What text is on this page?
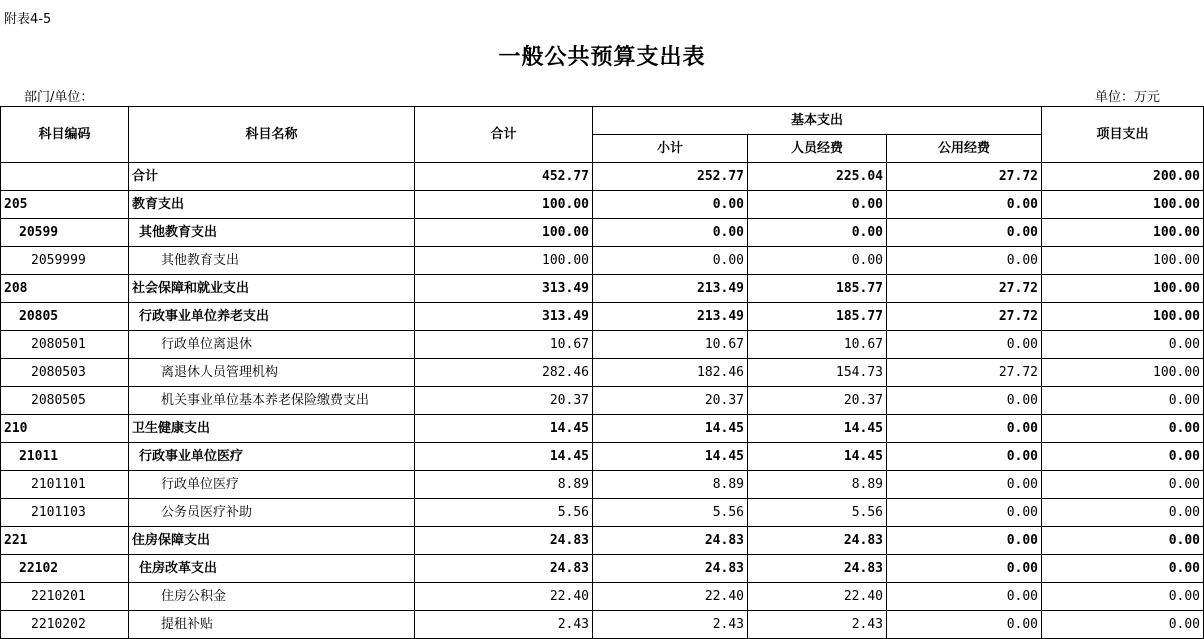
附表4-5
一般公共预算支出表
部门/单位：	单位：万元
科目编码	科目名称	合计	基本支出			项目支出
			小计	人员经费	公用经费	
	合计	452.77	252.77	225.04	27.72	200.00
205	教育支出	100.00	0.00	0.00	0.00	100.00
20599	其他教育支出	100.00	0.00	0.00	0.00	100.00
2059999	其他教育支出	100.00	0.00	0.00	0.00	100.00
208	社会保障和就业支出	313.49	213.49	185.77	27.72	100.00
20805	行政事业单位养老支出	313.49	213.49	185.77	27.72	100.00
2080501	行政单位离退休	10.67	10.67	10.67	0.00	0.00
2080503	离退休人员管理机构	282.46	182.46	154.73	27.72	100.00
2080505	机关事业单位基本养老保险缴费支出	20.37	20.37	20.37	0.00	0.00
210	卫生健康支出	14.45	14.45	14.45	0.00	0.00
21011	行政事业单位医疗	14.45	14.45	14.45	0.00	0.00
2101101	行政单位医疗	8.89	8.89	8.89	0.00	0.00
2101103	公务员医疗补助	5.56	5.56	5.56	0.00	0.00
221	住房保障支出	24.83	24.83	24.83	0.00	0.00
22102	住房改革支出	24.83	24.83	24.83	0.00	0.00
2210201	住房公积金	22.40	22.40	22.40	0.00	0.00
2210202	提租补贴	2.43	2.43	2.43	0.00	0.00
